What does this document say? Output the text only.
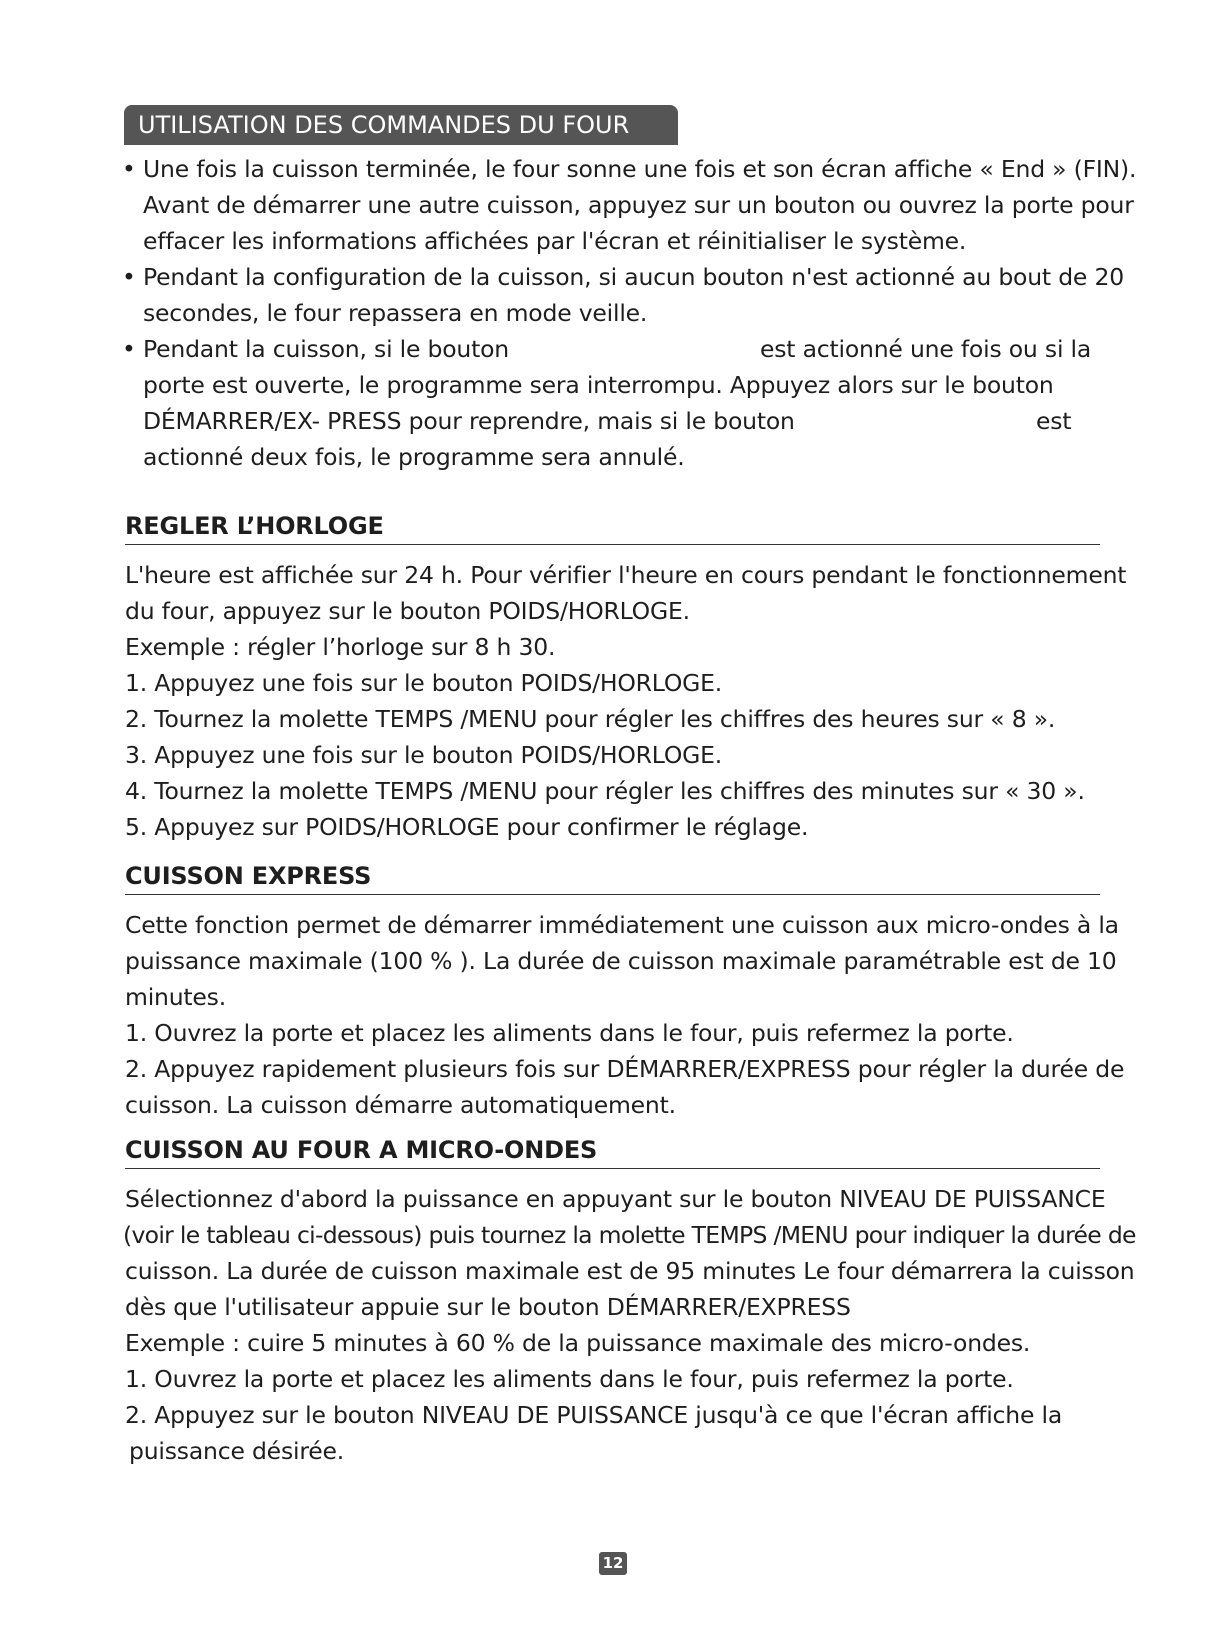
UTILISATION DES COMMANDES DU FOUR
• Une fois la cuisson terminée, le four sonne une fois et son écran affiche « End » (FIN).
Avant de démarrer une autre cuisson, appuyez sur un bouton ou ouvrez la porte pour
effacer les informations affichées par l'écran et réinitialiser le système.
• Pendant la configuration de la cuisson, si aucun bouton n'est actionné au bout de 20
secondes, le four repassera en mode veille.
• Pendant la cuisson, si le bouton	est actionné une fois ou si la
porte est ouverte, le programme sera interrompu. Appuyez alors sur le bouton
DÉMARRER/EX- PRESS pour reprendre, mais si le bouton	est
actionné deux fois, le programme sera annulé.
REGLER L’HORLOGE
L'heure est affichée sur 24 h. Pour vérifier l'heure en cours pendant le fonctionnement
du four, appuyez sur le bouton POIDS/HORLOGE.
Exemple : régler l’horloge sur 8 h 30.
1. Appuyez une fois sur le bouton POIDS/HORLOGE.
2. Tournez la molette TEMPS /MENU pour régler les chiffres des heures sur « 8 ».
3. Appuyez une fois sur le bouton POIDS/HORLOGE.
4. Tournez la molette TEMPS /MENU pour régler les chiffres des minutes sur « 30 ».
5. Appuyez sur POIDS/HORLOGE pour confirmer le réglage.
CUISSON EXPRESS
Cette fonction permet de démarrer immédiatement une cuisson aux micro-ondes à la
puissance maximale (100 % ). La durée de cuisson maximale paramétrable est de 10
minutes.
1. Ouvrez la porte et placez les aliments dans le four, puis refermez la porte.
2. Appuyez rapidement plusieurs fois sur DÉMARRER/EXPRESS pour régler la durée de
cuisson. La cuisson démarre automatiquement.
CUISSON AU FOUR A MICRO-ONDES
Sélectionnez d'abord la puissance en appuyant sur le bouton NIVEAU DE PUISSANCE
(voir le tableau ci-dessous) puis tournez la molette TEMPS /MENU pour indiquer la durée de
cuisson. La durée de cuisson maximale est de 95 minutes Le four démarrera la cuisson
dès que l'utilisateur appuie sur le bouton DÉMARRER/EXPRESS
Exemple : cuire 5 minutes à 60 % de la puissance maximale des micro-ondes.
1. Ouvrez la porte et placez les aliments dans le four, puis refermez la porte.
2. Appuyez sur le bouton NIVEAU DE PUISSANCE jusqu'à ce que l'écran affiche la
puissance désirée.
12
